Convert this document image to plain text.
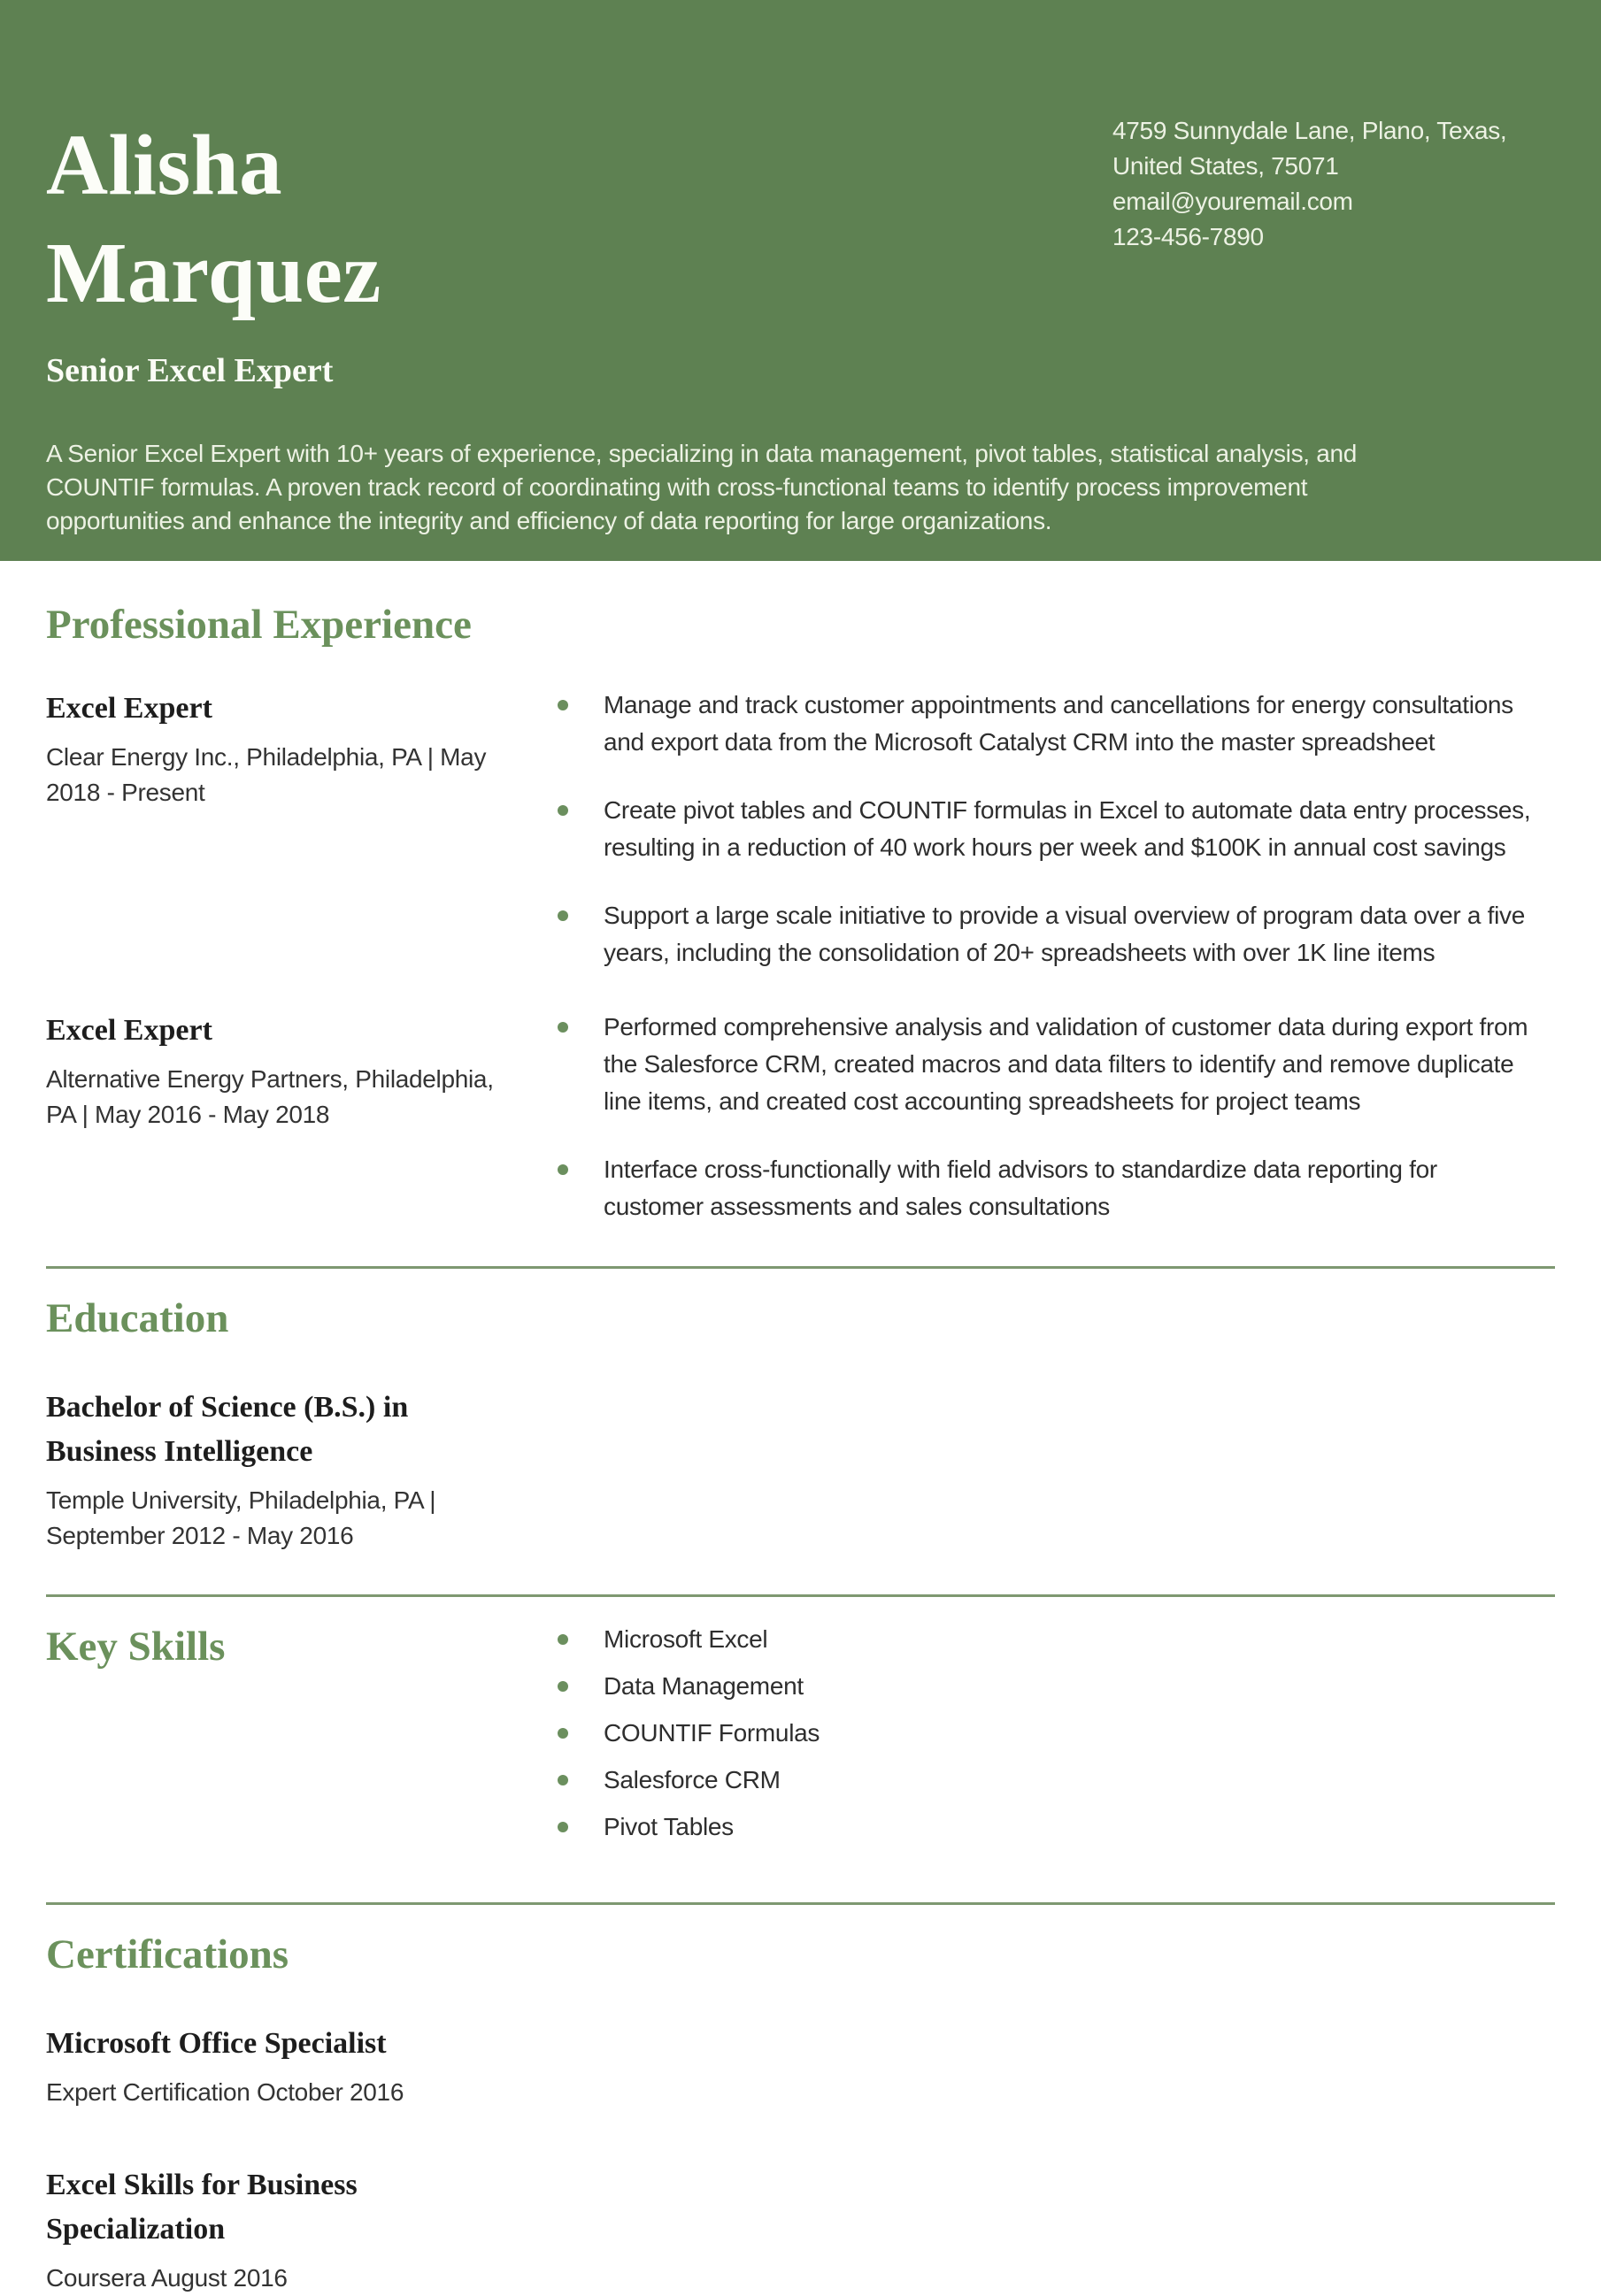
Alisha
Marquez
4759 Sunnydale Lane, Plano, Texas,
United States, 75071
email@youremail.com
123-456-7890
Senior Excel Expert

A Senior Excel Expert with 10+ years of experience, specializing in data management, pivot tables, statistical analysis, and COUNTIF formulas. A proven track record of coordinating with cross-functional teams to identify process improvement opportunities and enhance the integrity and efficiency of data reporting for large organizations.

Professional Experience
Excel Expert

Clear Energy Inc., Philadelphia, PA | May 2018 - Present

Manage and track customer appointments and cancellations for energy consultations and export data from the Microsoft Catalyst CRM into the master spreadsheet
Create pivot tables and COUNTIF formulas in Excel to automate data entry processes, resulting in a reduction of 40 work hours per week and $100K in annual cost savings
Support a large scale initiative to provide a visual overview of program data over a five years, including the consolidation of 20+ spreadsheets with over 1K line items
Excel Expert

Alternative Energy Partners, Philadelphia, PA | May 2016 - May 2018

Performed comprehensive analysis and validation of customer data during export from the Salesforce CRM, created macros and data filters to identify and remove duplicate line items, and created cost accounting spreadsheets for project teams
Interface cross-functionally with field advisors to standardize data reporting for customer assessments and sales consultations
Education
Bachelor of Science (B.S.) in Business Intelligence

Temple University, Philadelphia, PA | September 2012 - May 2016

Key Skills	Microsoft Excel
Data Management
COUNTIF Formulas
Salesforce CRM
Pivot Tables
Certifications
Microsoft Office Specialist

Expert Certification October 2016

Excel Skills for Business Specialization

Coursera August 2016
